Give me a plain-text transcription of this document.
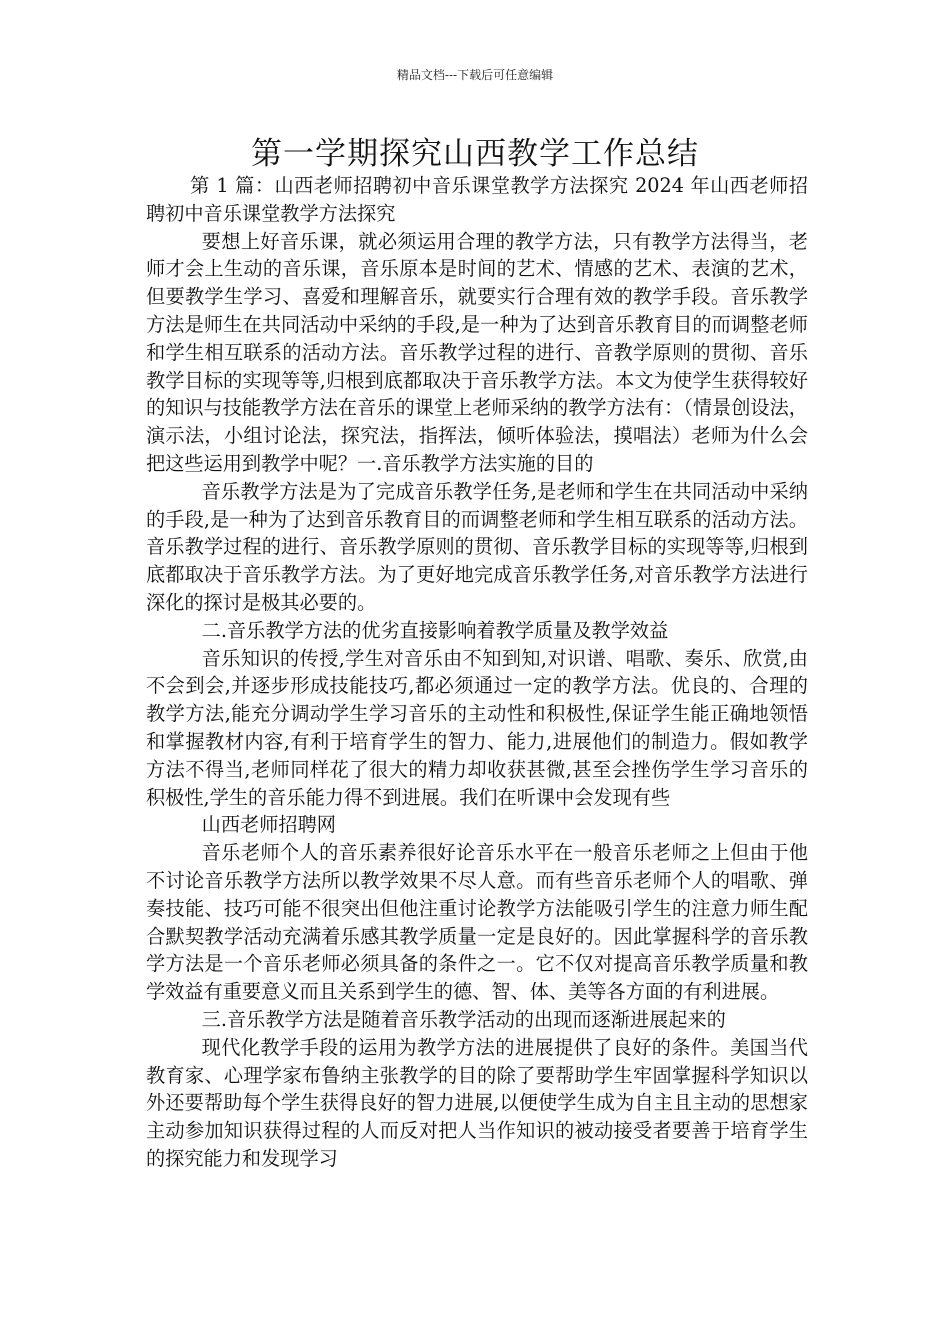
精品文档---下载后可任意编辑
第一学期探究山西教学工作总结

第 1 篇：山西老师招聘初中音乐课堂教学方法探究 2024 年山西老师招聘初中音乐课堂教学方法探究

要想上好音乐课，就必须运用合理的教学方法，只有教学方法得当，老师才会上生动的音乐课，音乐原本是时间的艺术、情感的艺术、表演的艺术，但要教学生学习、喜爱和理解音乐，就要实行合理有效的教学手段。音乐教学方法是师生在共同活动中采纳的手段,是一种为了达到音乐教育目的而调整老师和学生相互联系的活动方法。音乐教学过程的进行、音教学原则的贯彻、音乐教学目标的实现等等,归根到底都取决于音乐教学方法。本文为使学生获得较好的知识与技能教学方法在音乐的课堂上老师采纳的教学方法有：（情景创设法，演示法，小组讨论法，探究法，指挥法，倾听体验法，摸唱法）老师为什么会把这些运用到教学中呢？一.音乐教学方法实施的目的

音乐教学方法是为了完成音乐教学任务,是老师和学生在共同活动中采纳的手段,是一种为了达到音乐教育目的而调整老师和学生相互联系的活动方法。音乐教学过程的进行、音乐教学原则的贯彻、音乐教学目标的实现等等,归根到底都取决于音乐教学方法。为了更好地完成音乐教学任务,对音乐教学方法进行深化的探讨是极其必要的。

二.音乐教学方法的优劣直接影响着教学质量及教学效益

音乐知识的传授,学生对音乐由不知到知,对识谱、唱歌、奏乐、欣赏,由不会到会,并逐步形成技能技巧,都必须通过一定的教学方法。优良的、合理的教学方法,能充分调动学生学习音乐的主动性和积极性,保证学生能正确地领悟和掌握教材内容,有利于培育学生的智力、能力,进展他们的制造力。假如教学方法不得当,老师同样花了很大的精力却收获甚微,甚至会挫伤学生学习音乐的积极性,学生的音乐能力得不到进展。我们在听课中会发现有些

山西老师招聘网

音乐老师个人的音乐素养很好论音乐水平在一般音乐老师之上但由于他不讨论音乐教学方法所以教学效果不尽人意。而有些音乐老师个人的唱歌、弹奏技能、技巧可能不很突出但他注重讨论教学方法能吸引学生的注意力师生配合默契教学活动充满着乐感其教学质量一定是良好的。因此掌握科学的音乐教学方法是一个音乐老师必须具备的条件之一。它不仅对提高音乐教学质量和教学效益有重要意义而且关系到学生的德、智、体、美等各方面的有利进展。

三.音乐教学方法是随着音乐教学活动的出现而逐渐进展起来的

现代化教学手段的运用为教学方法的进展提供了良好的条件。美国当代教育家、心理学家布鲁纳主张教学的目的除了要帮助学生牢固掌握科学知识以外还要帮助每个学生获得良好的智力进展,以便使学生成为自主且主动的思想家主动参加知识获得过程的人而反对把人当作知识的被动接受者要善于培育学生的探究能力和发现学习
